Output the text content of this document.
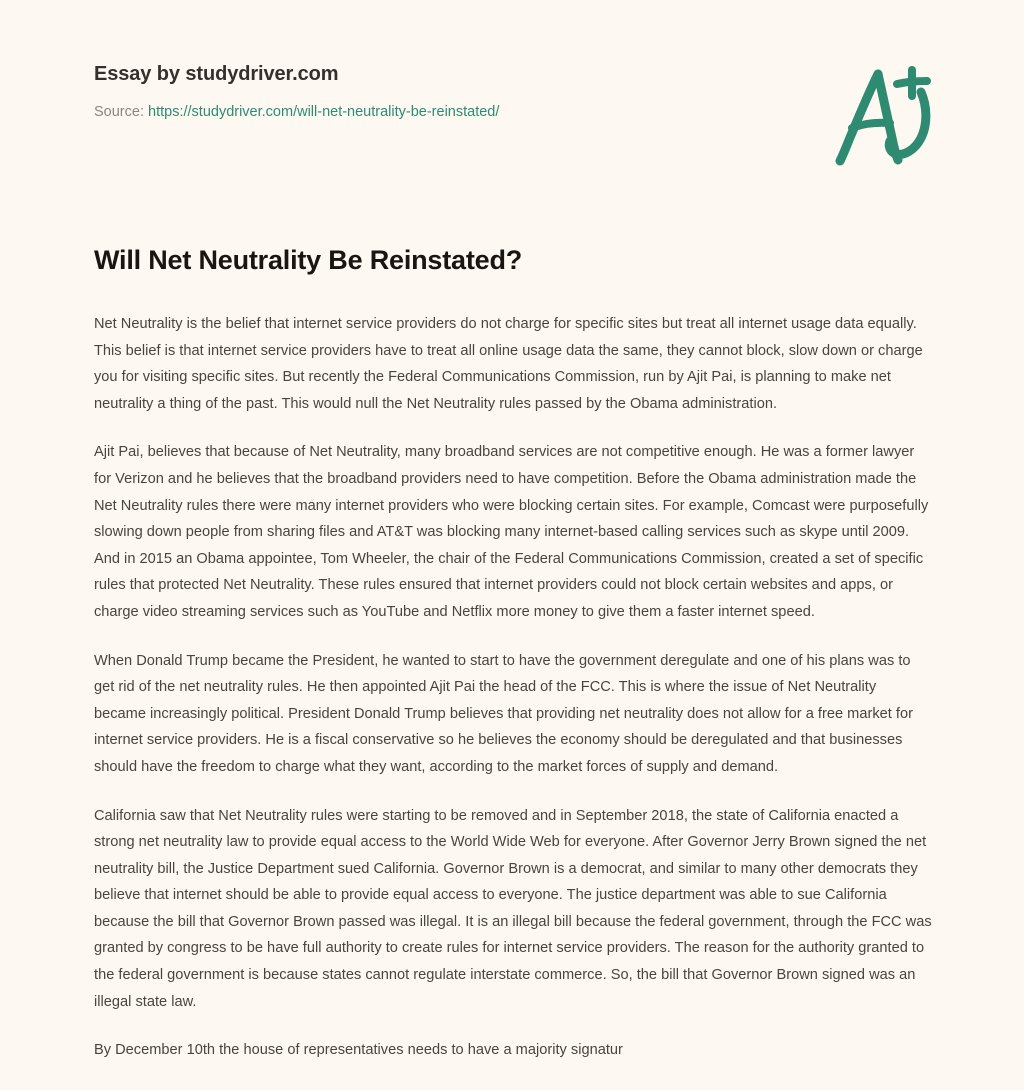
Essay by studydriver.com
Source: https://studydriver.com/will-net-neutrality-be-reinstated/
Will Net Neutrality Be Reinstated?

Net Neutrality is the belief that internet service providers do not charge for specific sites but treat all internet usage data equally. This belief is that internet service providers have to treat all online usage data the same, they cannot block, slow down or charge you for visiting specific sites. But recently the Federal Communications Commission, run by Ajit Pai, is planning to make net neutrality a thing of the past. This would null the Net Neutrality rules passed by the Obama administration.

Ajit Pai, believes that because of Net Neutrality, many broadband services are not competitive enough. He was a former lawyer for Verizon and he believes that the broadband providers need to have competition. Before the Obama administration made the Net Neutrality rules there were many internet providers who were blocking certain sites. For example, Comcast were purposefully slowing down people from sharing files and AT&T was blocking many internet-based calling services such as skype until 2009. And in 2015 an Obama appointee, Tom Wheeler, the chair of the Federal Communications Commission, created a set of specific rules that protected Net Neutrality. These rules ensured that internet providers could not block certain websites and apps, or charge video streaming services such as YouTube and Netflix more money to give them a faster internet speed.

When Donald Trump became the President, he wanted to start to have the government deregulate and one of his plans was to get rid of the net neutrality rules. He then appointed Ajit Pai the head of the FCC. This is where the issue of Net Neutrality became increasingly political. President Donald Trump believes that providing net neutrality does not allow for a free market for internet service providers. He is a fiscal conservative so he believes the economy should be deregulated and that businesses should have the freedom to charge what they want, according to the market forces of supply and demand.

California saw that Net Neutrality rules were starting to be removed and in September 2018, the state of California enacted a strong net neutrality law to provide equal access to the World Wide Web for everyone. After Governor Jerry Brown signed the net neutrality bill, the Justice Department sued California. Governor Brown is a democrat, and similar to many other democrats they believe that internet should be able to provide equal access to everyone. The justice department was able to sue California because the bill that Governor Brown passed was illegal. It is an illegal bill because the federal government, through the FCC was granted by congress to be have full authority to create rules for internet service providers. The reason for the authority granted to the federal government is because states cannot regulate interstate commerce. So, the bill that Governor Brown signed was an illegal state law.

By December 10th the house of representatives needs to have a majority signatur
